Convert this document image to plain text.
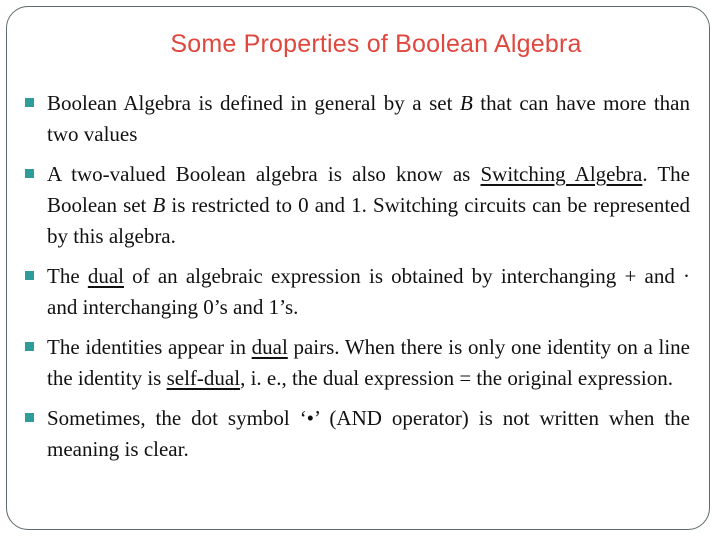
Some Properties of Boolean Algebra
Boolean Algebra is defined in general by a set B that can have more than two values
A two-valued Boolean algebra is also know as Switching Algebra. The Boolean set B is restricted to 0 and 1. Switching circuits can be represented by this algebra.
The dual of an algebraic expression is obtained by interchanging + and · and interchanging 0’s and 1’s.
The identities appear in dual pairs. When there is only one identity on a line the identity is self-dual, i. e., the dual expression = the original expression.
Sometimes, the dot symbol ‘•’ (AND operator) is not written when the meaning is clear.
